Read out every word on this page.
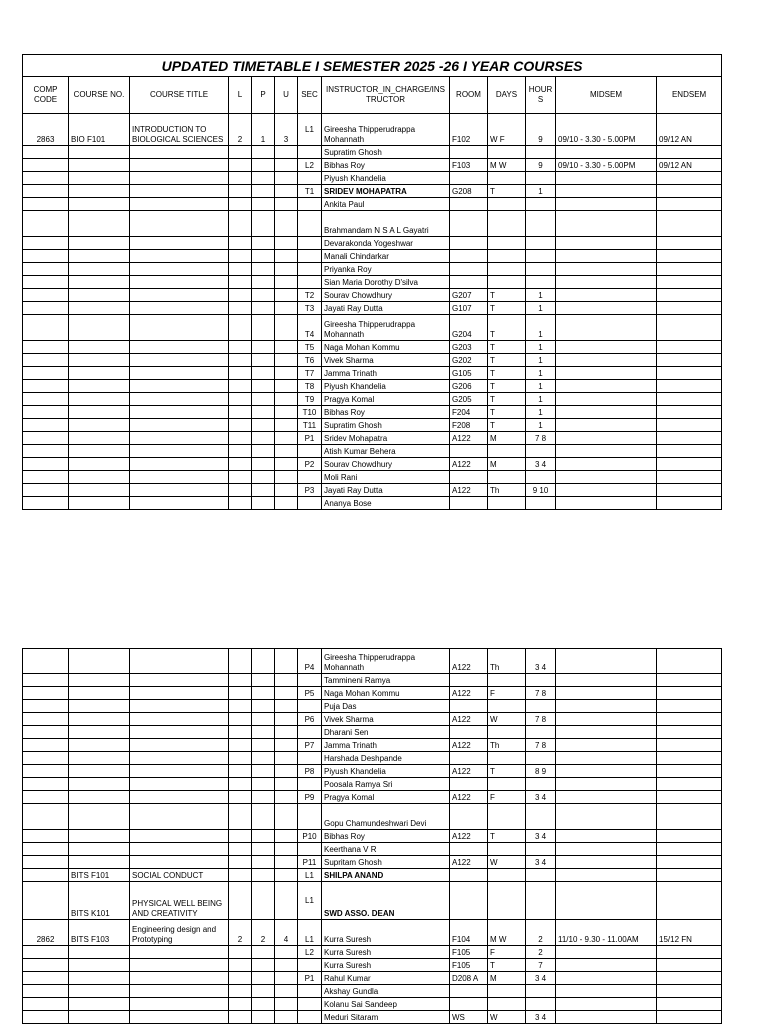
UPDATED TIMETABLE I SEMESTER 2025 -26 I YEAR COURSES												
COMP CODE	COURSE NO.	COURSE TITLE	L	P	U	SEC	INSTRUCTOR_IN_CHARGE/INSTRUCTOR	ROOM	DAYS	HOURS	MIDSEM	ENDSEM
2863	BIO F101	INTRODUCTION TO BIOLOGICAL SCIENCES	2	1	3	L1	Gireesha Thipperudrappa Mohannath	F102	W F	9	09/10 - 3.30 - 5.00PM	09/12 AN
							Supratim Ghosh					
						L2	Bibhas Roy	F103	M W	9	09/10 - 3.30 - 5.00PM	09/12 AN
							Piyush Khandelia					
						T1	SRIDEV MOHAPATRA	G208	T	1		
							Ankita Paul					
							Brahmandam N S A L Gayatri					
							Devarakonda Yogeshwar					
							Manali Chindarkar					
							Priyanka Roy					
							Sian Maria Dorothy D'silva					
						T2	Sourav Chowdhury	G207	T	1		
						T3	Jayati Ray Dutta	G107	T	1		
						T4	Gireesha Thipperudrappa Mohannath	G204	T	1		
						T5	Naga Mohan Kommu	G203	T	1		
						T6	Vivek Sharma	G202	T	1		
						T7	Jamma Trinath	G105	T	1		
						T8	Piyush Khandelia	G206	T	1		
						T9	Pragya Komal	G205	T	1		
						T10	Bibhas Roy	F204	T	1		
						T11	Supratim Ghosh	F208	T	1		
						P1	Sridev Mohapatra	A122	M	7 8		
							Atish Kumar Behera					
						P2	Sourav Chowdhury	A122	M	3 4		
							Moli Rani					
						P3	Jayati Ray Dutta	A122	Th	9 10		
							Ananya Bose					
						P4	Gireesha Thipperudrappa Mohannath	A122	Th	3 4		
							Tammineni Ramya					
						P5	Naga Mohan Kommu	A122	F	7 8		
							Puja Das					
						P6	Vivek Sharma	A122	W	7 8		
							Dharani Sen					
						P7	Jamma Trinath	A122	Th	7 8		
							Harshada Deshpande					
						P8	Piyush Khandelia	A122	T	8 9		
							Poosala Ramya Sri					
						P9	Pragya Komal	A122	F	3 4		
							Gopu Chamundeshwari Devi					
						P10	Bibhas Roy	A122	T	3 4		
							Keerthana V R					
						P11	Supritam Ghosh	A122	W	3 4		
	BITS F101	SOCIAL CONDUCT				L1	SHILPA ANAND					
	BITS K101	PHYSICAL WELL BEING AND CREATIVITY				L1	SWD ASSO. DEAN					
2862	BITS F103	Engineering design and Prototyping	2	2	4	L1	Kurra Suresh	F104	M W	2	11/10 - 9.30 - 11.00AM	15/12 FN
						L2	Kurra Suresh	F105	F	2		
							Kurra Suresh	F105	T	7		
						P1	Rahul Kumar	D208 A	M	3 4		
							Akshay Gundla					
							Kolanu Sai Sandeep					
							Meduri Sitaram	WS	W	3 4		
